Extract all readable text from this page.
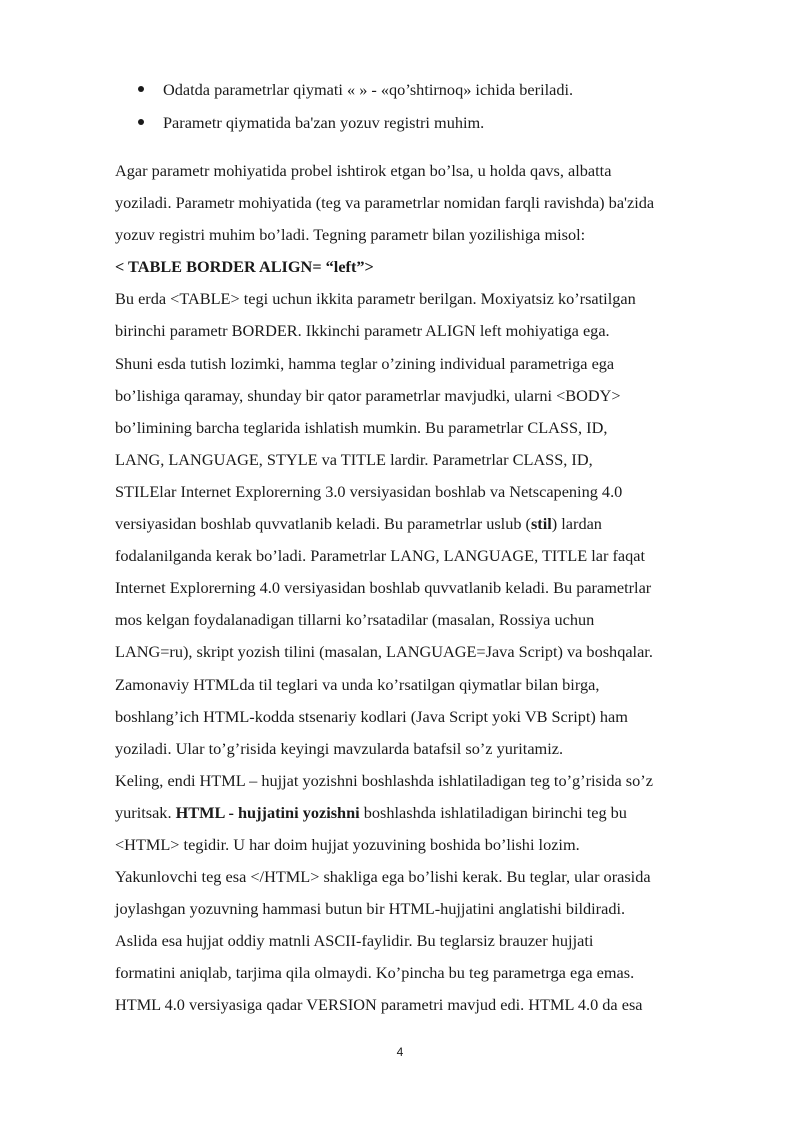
Odatda parametrlar qiymati « » - «qo’shtirnoq» ichida beriladi.
Parametr qiymatida ba'zan yozuv registri muhim.
Agar parametr mohiyatida probel ishtirok etgan bo’lsa, u holda qavs, albatta
yoziladi. Parametr mohiyatida (teg va parametrlar nomidan farqli ravishda) ba'zida
yozuv registri muhim bo’ladi. Tegning parametr bilan yozilishiga misol:
< TABLE BORDER ALIGN= “left”>
Bu erda <TABLE> tegi uchun ikkita parametr berilgan. Moxiyatsiz ko’rsatilgan
birinchi parametr BORDER. Ikkinchi parametr ALIGN left mohiyatiga ega.
Shuni esda tutish lozimki, hamma teglar o’zining individual parametriga ega
bo’lishiga qaramay, shunday bir qator parametrlar mavjudki, ularni <BODY>
bo’limining barcha teglarida ishlatish mumkin. Bu parametrlar CLASS, ID,
LANG, LANGUAGE, STYLE va TITLE lardir. Parametrlar CLASS, ID,
STILElar Internet Explorerning 3.0 versiyasidan boshlab va Netscapening 4.0
versiyasidan boshlab quvvatlanib keladi. Bu parametrlar uslub (stil) lardan
fodalanilganda kerak bo’ladi. Parametrlar LANG, LANGUAGE, TITLE lar faqat
Internet Explorerning 4.0 versiyasidan boshlab quvvatlanib keladi. Bu parametrlar
mos kelgan foydalanadigan tillarni ko’rsatadilar (masalan, Rossiya uchun
LANG=ru), skript yozish tilini (masalan, LANGUAGE=Java Script) va boshqalar.
Zamonaviy HTMLda til teglari va unda ko’rsatilgan qiymatlar bilan birga,
boshlang’ich HTML-kodda stsenariy kodlari (Java Script yoki VB Script) ham
yoziladi. Ular to’g’risida keyingi mavzularda batafsil so’z yuritamiz.
Keling, endi HTML – hujjat yozishni boshlashda ishlatiladigan teg to’g’risida so’z
yuritsak. HTML - hujjatini yozishni boshlashda ishlatiladigan birinchi teg bu
<HTML> tegidir. U har doim hujjat yozuvining boshida bo’lishi lozim.
Yakunlovchi teg esa </HTML> shakliga ega bo’lishi kerak. Bu teglar, ular orasida
joylashgan yozuvning hammasi butun bir HTML-hujjatini anglatishi bildiradi.
Aslida esa hujjat oddiy matnli ASCII-faylidir. Bu teglarsiz brauzer hujjati
formatini aniqlab, tarjima qila olmaydi. Ko’pincha bu teg parametrga ega emas.
HTML 4.0 versiyasiga qadar VERSION parametri mavjud edi. HTML 4.0 da esa
4
